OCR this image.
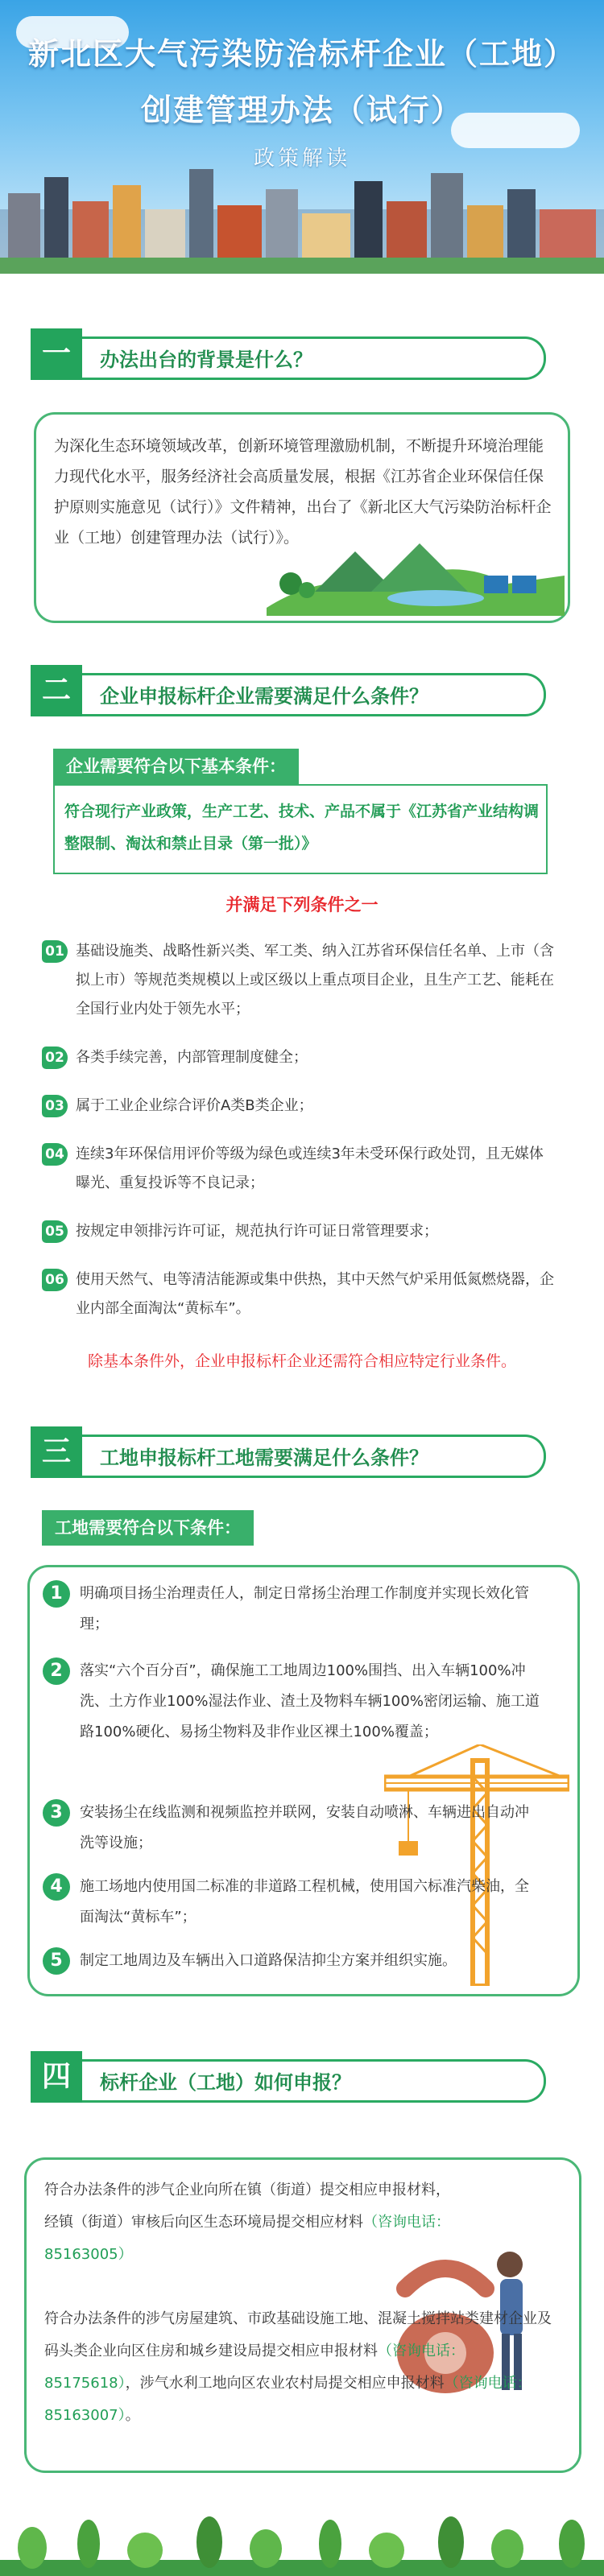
新北区大气污染防治标杆企业（工地）
创建管理办法（试行）
政策解读
一	办法出台的背景是什么？
为深化生态环境领域改革，创新环境管理激励机制，不断提升环境治理能力现代化水平，服务经济社会高质量发展，根据《江苏省企业环保信任保护原则实施意见（试行）》文件精神，出台了《新北区大气污染防治标杆企业（工地）创建管理办法（试行）》。
二	企业申报标杆企业需要满足什么条件？
企业需要符合以下基本条件：
符合现行产业政策，生产工艺、技术、产品不属于《江苏省产业结构调整限制、淘汰和禁止目录（第一批）》
并满足下列条件之一
01 基础设施类、战略性新兴类、军工类、纳入江苏省环保信任名单、上市（含拟上市）等规范类规模以上或区级以上重点项目企业，且生产工艺、能耗在全国行业内处于领先水平；
02 各类手续完善，内部管理制度健全；
03 属于工业企业综合评价A类B类企业；
04 连续3年环保信用评价等级为绿色或连续3年未受环保行政处罚，且无媒体曝光、重复投诉等不良记录；
05 按规定申领排污许可证，规范执行许可证日常管理要求；
06 使用天然气、电等清洁能源或集中供热，其中天然气炉采用低氮燃烧器，企业内部全面淘汰“黄标车”。
除基本条件外，企业申报标杆企业还需符合相应特定行业条件。
三	工地申报标杆工地需要满足什么条件？
工地需要符合以下条件：
1	明确项目扬尘治理责任人，制定日常扬尘治理工作制度并实现长效化管理；
2	落实“六个百分百”，确保施工工地周边100%围挡、出入车辆100%冲洗、土方作业100%湿法作业、渣土及物料车辆100%密闭运输、施工道路100%硬化、易扬尘物料及非作业区裸土100%覆盖；
3	安装扬尘在线监测和视频监控并联网，安装自动喷淋、车辆进出自动冲洗等设施；
4	施工场地内使用国二标准的非道路工程机械，使用国六标准汽柴油，全面淘汰“黄标车”；
5	制定工地周边及车辆出入口道路保洁抑尘方案并组织实施。
四	标杆企业（工地）如何申报？
符合办法条件的涉气企业向所在镇（街道）提交相应申报材料，经镇（街道）审核后向区生态环境局提交相应材料（咨询电话：85163005）
符合办法条件的涉气房屋建筑、市政基础设施工地、混凝土搅拌站类建材企业及码头类企业向区住房和城乡建设局提交相应申报材料（咨询电话：85175618），涉气水利工地向区农业农村局提交相应申报材料（咨询电话：85163007）。
